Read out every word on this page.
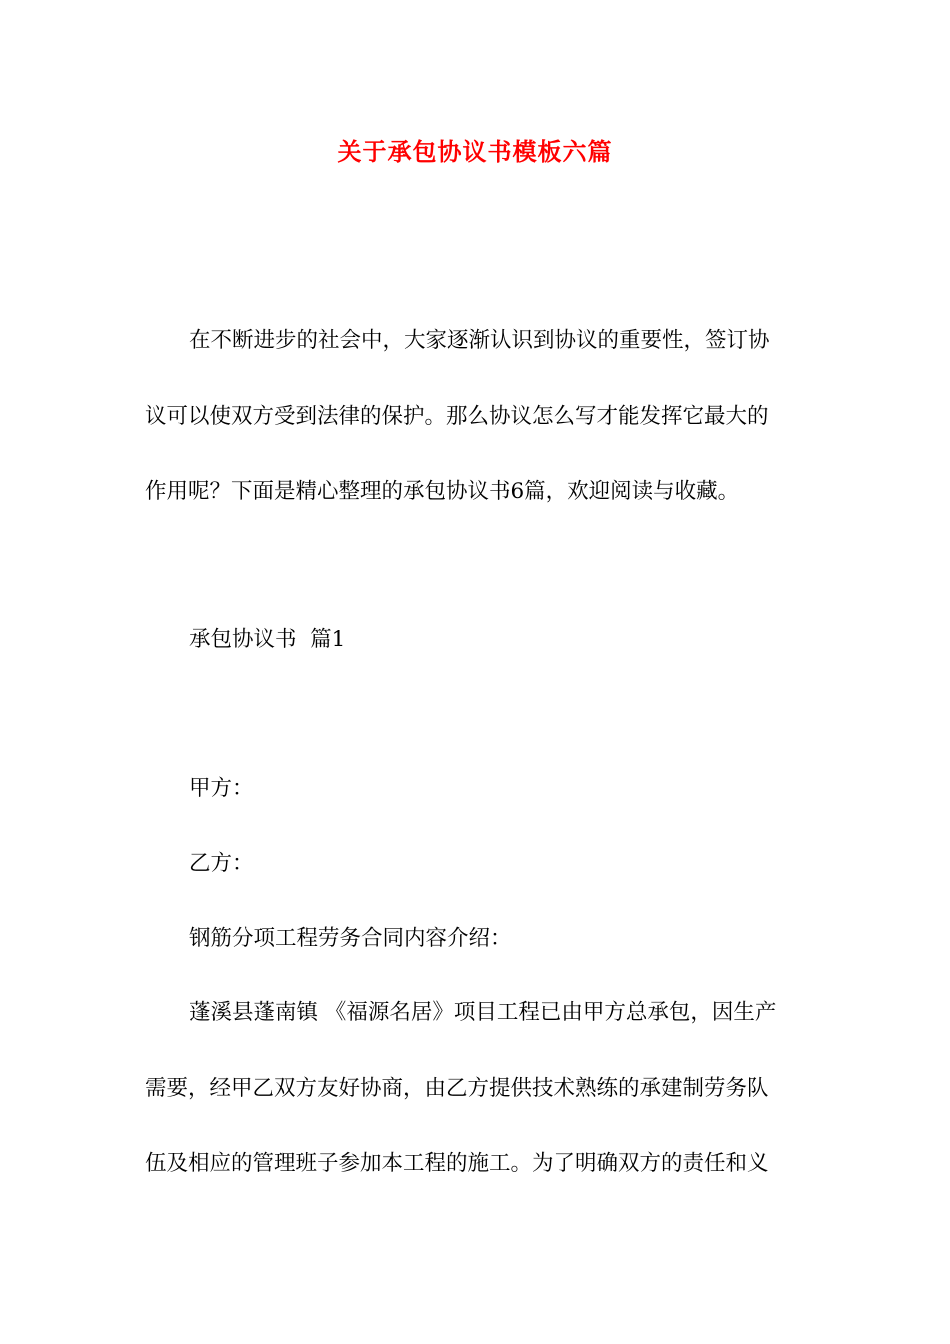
关于承包协议书模板六篇
在不断进步的社会中，大家逐渐认识到协议的重要性，签订协
议可以使双方受到法律的保护。那么协议怎么写才能发挥它最大的
作用呢？下面是精心整理的承包协议书6篇，欢迎阅读与收藏。
承包协议书  篇1
甲方：
乙方：
钢筋分项工程劳务合同内容介绍：
蓬溪县蓬南镇 《福源名居》项目工程已由甲方总承包，因生产
需要，经甲乙双方友好协商，由乙方提供技术熟练的承建制劳务队
伍及相应的管理班子参加本工程的施工。为了明确双方的责任和义
